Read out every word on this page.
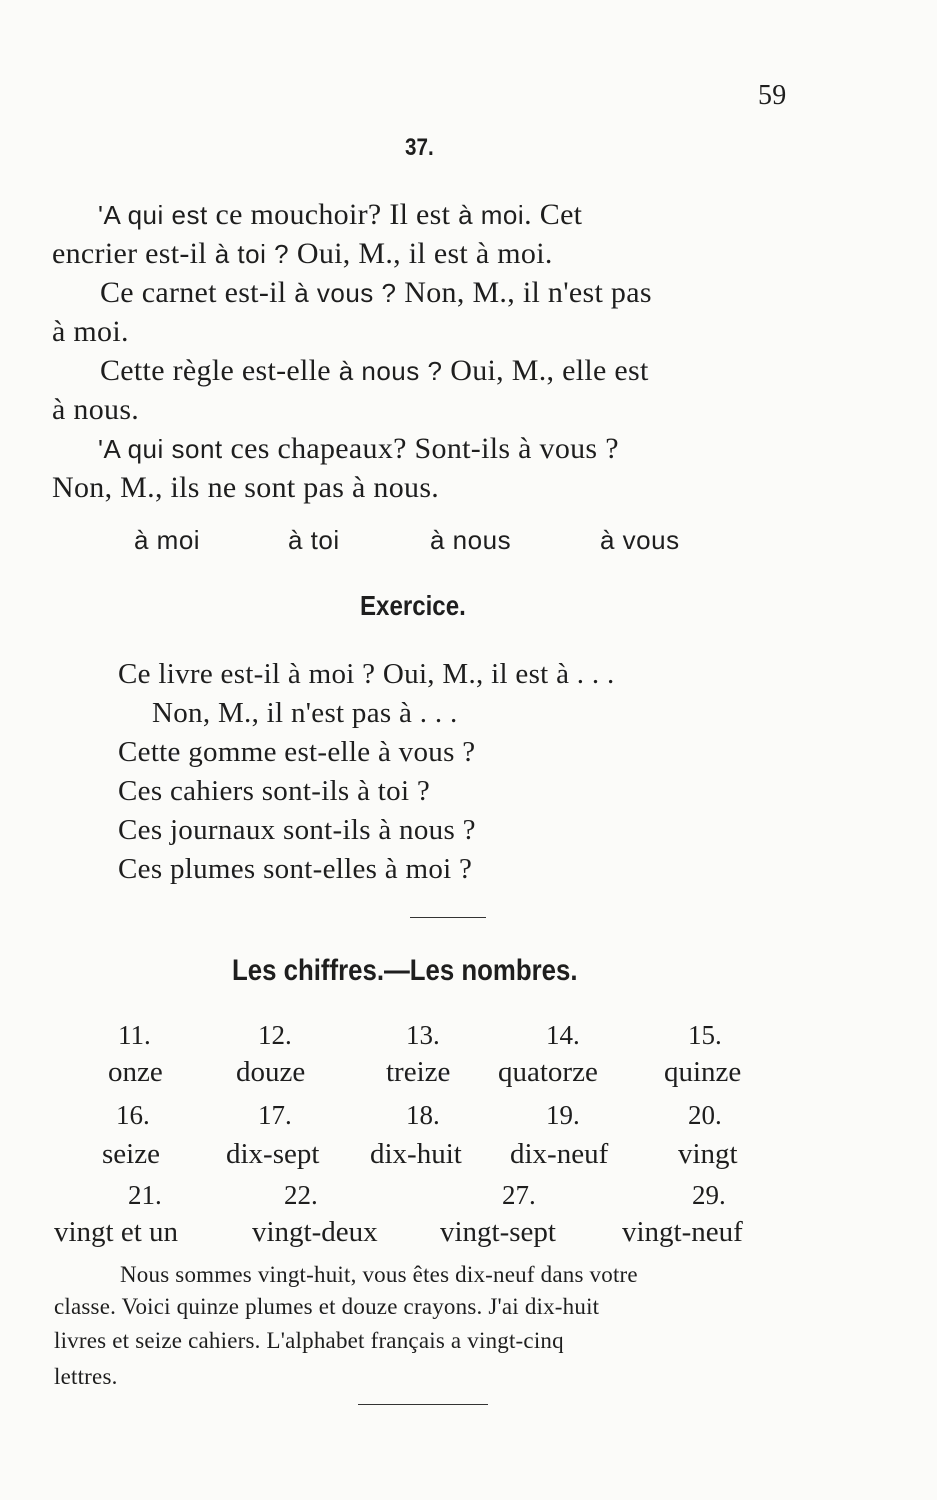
59
37.
'A qui est ce mouchoir? Il est à moi. Cet
encrier est-il à toi ? Oui, M., il est à moi.
Ce carnet est-il à vous ? Non, M., il n'est pas
à moi.
Cette règle est-elle à nous ? Oui, M., elle est
à nous.
'A qui sont ces chapeaux? Sont-ils à vous ?
Non, M., ils ne sont pas à nous.
à moi	à toi	à nous	à vous
Exercice.
Ce livre est-il à moi ? Oui, M., il est à . . .
Non, M., il n'est pas à . . .
Cette gomme est-elle à vous ?
Ces cahiers sont-ils à toi ?
Ces journaux sont-ils à nous ?
Ces plumes sont-elles à moi ?
Les chiffres.—Les nombres.
11.	12.	13.	14.	15.
onze	douze	treize quatorze quinze
16.	17.	18.	19.	20.
seize dix-sept dix-huit dix-neuf vingt
21.	22.	27.	29.
vingt et un	vingt-deux vingt-sept vingt-neuf
Nous sommes vingt-huit, vous êtes dix-neuf dans votre
classe. Voici quinze plumes et douze crayons. J'ai dix-huit
livres et seize cahiers. L'alphabet français a vingt-cinq
lettres.
